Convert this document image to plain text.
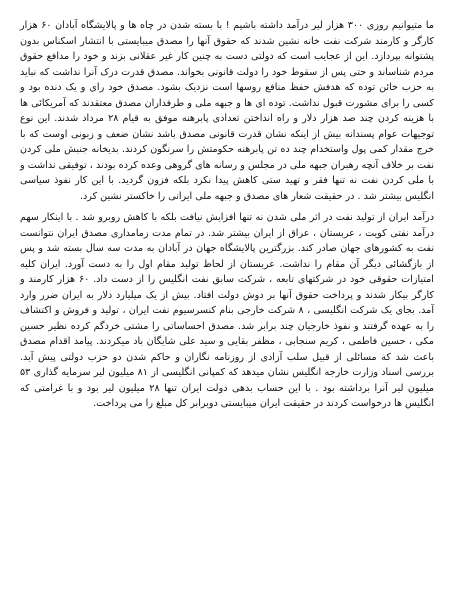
ما متیوانیم روزی ۳۰۰ هزار لیر درآمد داشته باشیم ! با بسته شدن در چاه ها و پالایشگاه آبادان ۶۰ هزار کارگر و کارمند شرکت نفت خانه نشین شدند که حقوق آنها را مصدق میبایستی با انتشار اسکناس بدون پشتوانه بپردازد. این از عجایب است که دولتی دست به چنین کار غیر عقلانی بزند و خود را مدافع حقوق مردم شناساند و حتی پس از سقوط خود را دولت قانونی بخواند. مصدق قدرت درک آنرا نداشت که نباید به حزب خائن توده که هدفش حفظ منافع روسها است نزدیک بشود. مصدق خود رای و یک دنده بود و کسی را برای مشورت قبول نداشت. توده ای ها و جبهه ملی و طرفداران مصدق معتقدند که آمریکائی ها با هزینه کردن چند صد هزار دلار و راه انداختن تعدادی پابرهنه موفق به قیام ۲۸ مرداد شدند. این نوع توجیهات عوام پسندانه بیش از اینکه نشان قدرت قانونی مصدق باشد نشان ضعف و زبونی اوست که با خرج مقدار کمی پول واستخدام چند ده تن پابرهنه حکومتش را سرنگون کردند. بدیخانه جنبش ملی کردن نفت بر خلاف آنچه رهبران جبهه ملی در مجلس و رسانه های گروهی وعده کرده بودند ، توفیقی نداشت و با ملی کردن نفت نه تنها فقر و تهید ستی کاهش پیدا نکرد بلکه فزون گردید. با این کار نفوذ سیاسی انگلیس بیشتر شد . در حقیقت شعار های مصدق و جبهه ملی ایرانی را خاکستر نشین کرد.

درآمد ایران از تولید نفت در اثر ملی شدن نه تنها افزایش نیافت بلکه با کاهش روبرو شد . با اینکار سهم درآمد نفتی کویت ، عربستان ، عراق از ایران بیشتر شد. در تمام مدت زمامداری مصدق ایران نتوانست نفت به کشورهای جهان صادر کند. بزرگترین پالایشگاه جهان در آبادان به مدت سه سال بسته شد و پس از بازگشائی دیگر آن مقام را نداشت. عربستان از لحاظ تولید مقام اول را به دست آورد. ایران کلیه امتیازات حقوقی خود در شرکتهای تابعه ، شرکت سابق نفت انگلیس را از دست داد. ۶۰ هزار کارمند و کارگر بیکار شدند و پرداخت حقوق آنها بر دوش دولت افتاد. بیش از یک میلیارد دلار به ایران ضرر وارد آمد. بجای یک شرکت انگلیسی ، ۸ شرکت خارجی بنام کنسرسیوم نفت ایران ، تولید و فروش و اکتشاف را به عهده گرفتند و نفوذ خارجیان چند برابر شد. مصدق احساساتی را مشتی خردگم کرده نظیر حسین مکی ، حسین فاطمی ، کریم سنجابی ، مظفر بقایی و سید علی شایگان باد میکردند. پیامد اقدام مصدق باعث شد که مسائلی از قبیل سلب آزادی از روزنامه نگاران و حاکم شدن دو حزب دولتی پیش آید. بررسی اسناد وزارت خارجه انگلیس نشان میدهد که کمپانی انگلیسی از ۸۱ میلیون لیر سرمایه گذاری ۵۳ میلیون لیر آنرا برداشته بود . با این حساب بدهی دولت ایران تنها ۲۸ میلیون لیر بود و با غرامتی که انگلیس ها درخواست کردند در حقیقت ایران میبایستی دوبرابر کل مبلغ را می پرداخت.
